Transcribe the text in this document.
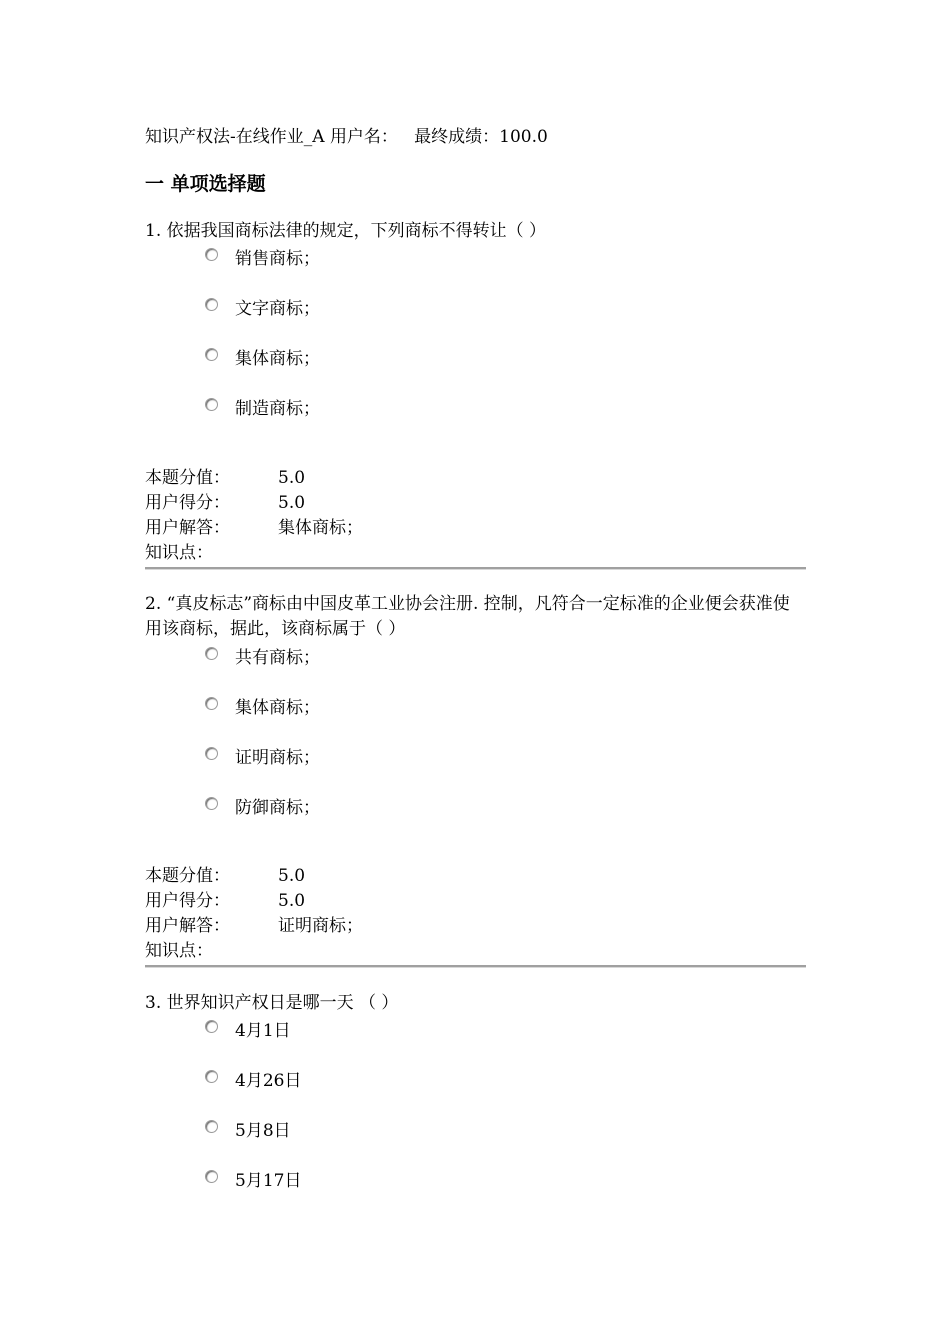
知识产权法-在线作业_A 用户名： 最终成绩：100.0
一 单项选择题

1. 依据我国商标法律的规定，下列商标不得转让（ ）

销售商标；
文字商标；
集体商标；
制造商标；
本题分值：	5.0
用户得分：	5.0
用户解答：	集体商标；
知识点：

2. “真皮标志”商标由中国皮革工业协会注册. 控制，凡符合一定标准的企业便会获准使用该商标，据此，该商标属于（ ）

共有商标；
集体商标；
证明商标；
防御商标；
本题分值：	5.0
用户得分：	5.0
用户解答：	证明商标；
知识点：

3. 世界知识产权日是哪一天 （ ）

4月1日
4月26日
5月8日
5月17日
